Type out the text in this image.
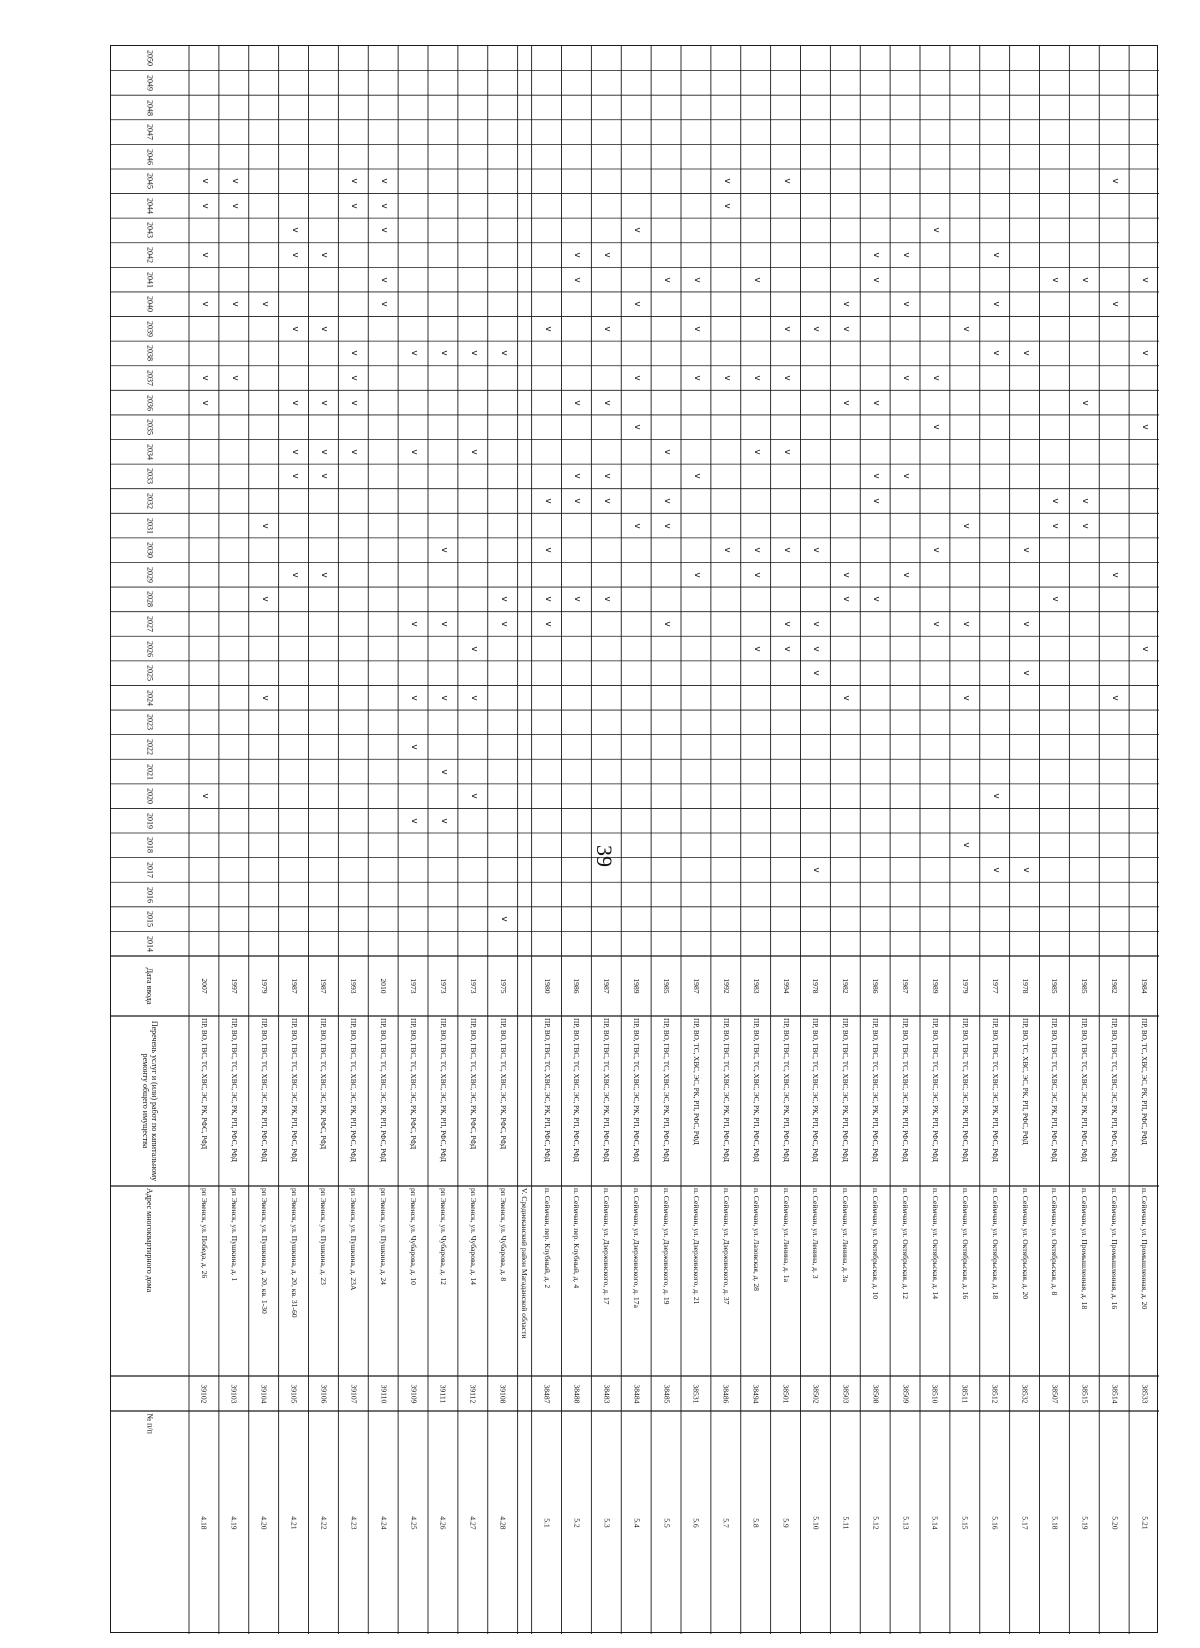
39
№ п/п
Адрес многоквартирного дома
Перечень услуг и (или) работ по капитальному ремонту общего имущества
Дата ввода
2014
2015
2016
2017
2018
2019
2020
2021
2022
2023
2024
2025
2026
2027
2028
2029
2030
2031
2032
2033
2034
2035
2036
2037
2038
2039
2040
2041
2042
2043
2044
2045
2046
2047
2048
2049
2050
V. Среднеканский район Магаданской области
4.18
39102
рп Эвенск, ул. Победа, д. 26
ПР, ВО, ГВС, ТС, ХВС, ЭС, РК, РФС, РФД
2007
v
v
v
v
v
v
v
4.19
39103
рп Эвенск, ул. Пушкина, д. 1
ПР, ВО, ГВС, ТС, ХВС, ЭС, РК, РП, РФС, РФД
1997
v
v
v
v
4.20
39104
рп Эвенск, ул. Пушкина, д. 20, кв. 1-30
ПР, ВО, ГВС, ТС, ХВС, ЭС, РК, РП, РФС, РФД
1979
v
v
v
v
4.21
39105
рп Эвенск, ул. Пушкина, д. 20, кв. 31-60
ПР, ВО, ГВС, ТС, ХВС, ЭС, РК, РП, РФС, РФД
1987
v
v
v
v
v
v
v
4.22
39106
рп Эвенск, ул. Пушкина, д. 23
ПР, ВО, ГВС, ТС, ХВС, ЭС, РК, РФС, РФД
1987
v
v
v
v
v
v
4.23
39107
рп Эвенск, ул. Пушкина, д. 23А
ПР, ВО, ГВС, ТС, ХВС, ЭС, РК, РП, РФС, РФД
1993
v
v
v
v
v
v
4.24
39110
рп Эвенск, ул. Пушкина, д. 24
ПР, ВО, ГВС, ТС, ХВС, ЭС, РК, РП, РФС, РФД
2010
v
v
v
v
v
4.25
39109
рп Эвенск, ул. Чубарова, д. 10
ПР, ВО, ГВС, ТС, ХВС, ЭС, РК, РФС, РФД
1973
v
v
v
v
v
v
4.26
39111
рп Эвенск, ул. Чубарова, д. 12
ПР, ВО, ГВС, ТС, ХВС, ЭС, РК, РП, РФС, РФД
1973
v
v
v
v
v
v
4.27
39112
рп Эвенск, ул. Чубарова, д. 14
ПР, ВО, ГВС, ТС, ХВС, ЭС, РК, РФС, РФД
1973
v
v
v
v
v
4.28
39108
рп Эвенск, ул. Чубарова, д. 8
ПР, ВО, ГВС, ТС, ХВС, ЭС, РК, РФС, РФД
1975
v
v
v
v
5.1
38487
п. Сеймчан, пер. Клубный, д. 2
ПР, ВО, ГВС, ТС, ХВС, ЭС, РК, РП, РФС, РФД
1980
v
v
v
v
v
5.2
38488
п. Сеймчан, пер. Клубный, д. 4
ПР, ВО, ГВС, ТС, ХВС, ЭС, РК, РП, РФС, РФД
1986
v
v
v
v
v
v
5.3
38483
п. Сеймчан, ул. Дзержинского, д. 17
ПР, ВО, ГВС, ТС, ХВС, ЭС, РК, РП, РФС, РФД
1987
v
v
v
v
v
v
5.4
38484
п. Сеймчан, ул. Дзержинского, д. 17а
ПР, ВО, ГВС, ТС, ХВС, ЭС, РК, РП, РФС, РФД
1989
v
v
v
v
v
5.5
38485
п. Сеймчан, ул. Дзержинского, д. 19
ПР, ВО, ГВС, ТС, ХВС, ЭС, РК, РП, РФС, РФД
1985
v
v
v
v
v
5.6
38531
п. Сеймчан, ул. Дзержинского, д. 21
ПР, ВО, ТС, ХВС, ЭС, РК, РП, РФС, РФД
1987
v
v
v
v
v
5.7
38486
п. Сеймчан, ул. Дзержинского, д. 37
ПР, ВО, ГВС, ТС, ХВС, ЭС, РК, РП, РФС, РФД
1992
v
v
v
v
5.8
38494
п. Сеймчан, ул. Лазовская, д. 28
ПР, ВО, ГВС, ТС, ХВС, ЭС, РК, РП, РФС, РФД
1983
v
v
v
v
v
v
5.9
38501
п. Сеймчан, ул. Ленина, д. 1а
ПР, ВО, ГВС, ТС, ХВС, ЭС, РК, РП, РФС, РФД
1994
v
v
v
v
v
v
v
5.10
38502
п. Сеймчан, ул. Ленина, д. 3
ПР, ВО, ГВС, ТС, ХВС, ЭС, РК, РП, РФС, РФД
1978
v
v
v
v
v
v
5.11
38503
п. Сеймчан, ул. Ленина, д. 3а
ПР, ВО, ГВС, ТС, ХВС, ЭС, РК, РП, РФС, РФД
1982
v
v
v
v
v
v
5.12
38508
п. Сеймчан, ул. Октябрьская, д. 10
ПР, ВО, ГВС, ТС, ХВС, ЭС, РК, РП, РФС, РФД
1986
v
v
v
v
v
v
5.13
38509
п. Сеймчан, ул. Октябрьская, д. 12
ПР, ВО, ГВС, ТС, ХВС, ЭС, РК, РП, РФС, РФД
1987
v
v
v
v
v
5.14
38510
п. Сеймчан, ул. Октябрьская, д. 14
ПР, ВО, ГВС, ТС, ХВС, ЭС, РК, РП, РФС, РФД
1989
v
v
v
v
v
5.15
38511
п. Сеймчан, ул. Октябрьская, д. 16
ПР, ВО, ГВС, ТС, ХВС, ЭС, РК, РП, РФС, РФД
1979
v
v
v
v
v
5.16
38512
п. Сеймчан, ул. Октябрьская, д. 18
ПР, ВО, ГВС, ТС, ХВС, ЭС, РК, РП, РФС, РФД
1977
v
v
v
v
v
5.17
38532
п. Сеймчан, ул. Октябрьская, д. 20
ПР, ВО, ТС, ХВС, ЭС, РК, РП, РФС, РФД
1978
v
v
v
v
v
5.18
38507
п. Сеймчан, ул. Октябрьская, д. 8
ПР, ВО, ГВС, ТС, ХВС, ЭС, РК, РП, РФС, РФД
1985
v
v
v
v
5.19
38515
п. Сеймчан, ул. Промышленная, д. 18
ПР, ВО, ГВС, ТС, ХВС, ЭС, РК, РП, РФС, РФД
1985
v
v
v
v
5.20
38514
п. Сеймчан, ул. Промышленная, д. 16
ПР, ВО, ГВС, ТС, ХВС, ЭС, РК, РП, РФС, РФД
1982
v
v
v
v
5.21
38533
п. Сеймчан, ул. Промышленная, д. 20
ПР, ВО, ТС, ХВС, ЭС, РК, РП, РФС, РФД
1984
v
v
v
v
